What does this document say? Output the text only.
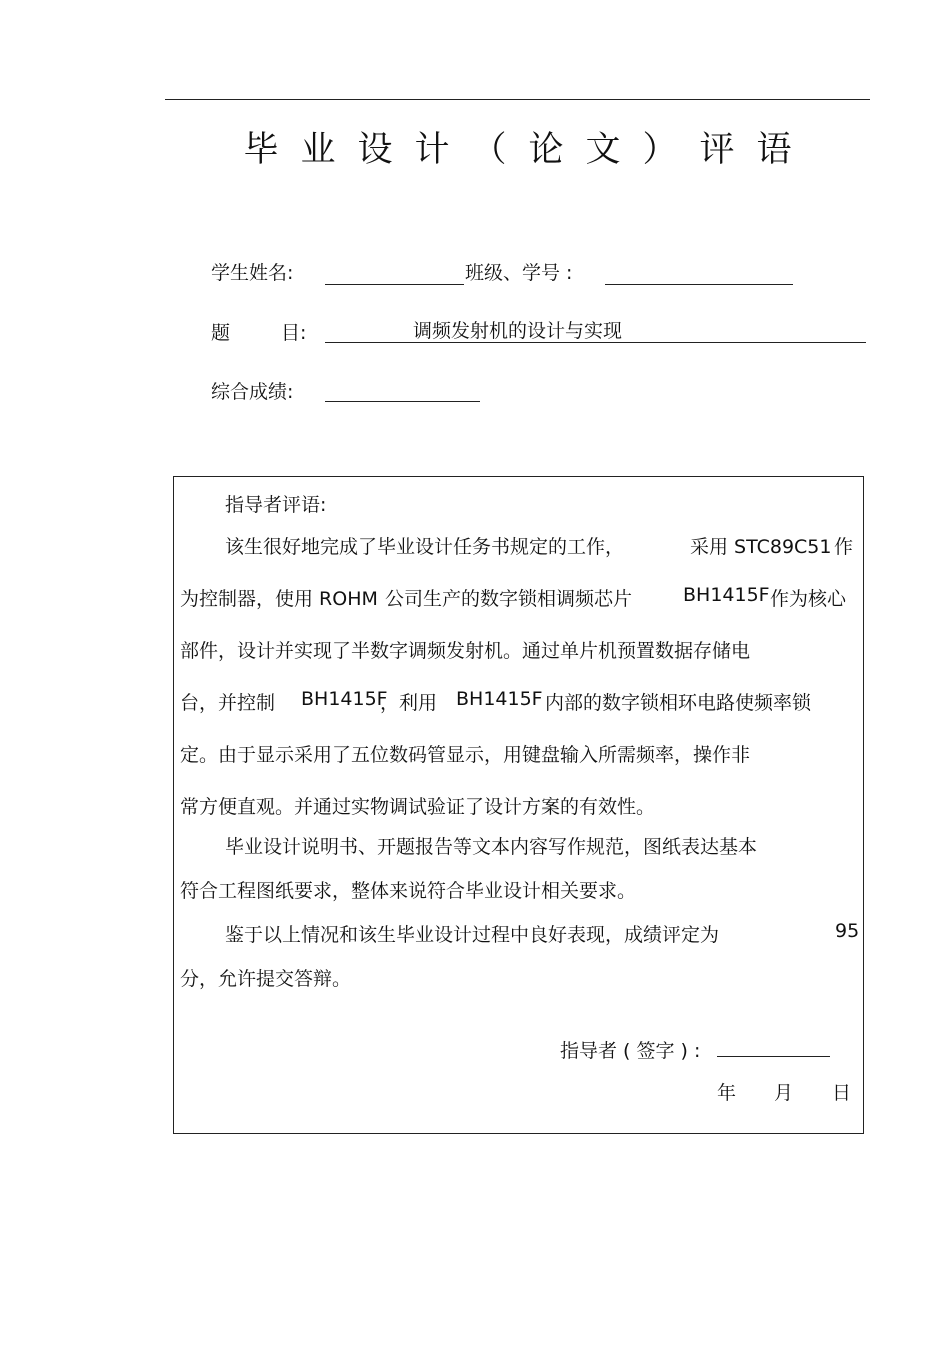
毕业设计（论文）评语
学生姓名:	班级、学号 :
题	目:	调频发射机的设计与实现
综合成绩:
指导者评语:
该生很好地完成了毕业设计任务书规定的工作，	采用 STC89C51 作
为控制器，使用 ROHM 公司生产的数字锁相调频芯片	BH1415F 作为核心
部件，设计并实现了半数字调频发射机。通过单片机预置数据存储电
台，并控制 BH1415F
，利用 BH1415F 内部的数字锁相环电路使频率锁
定。由于显示采用了五位数码管显示，用键盘输入所需频率，操作非
常方便直观。并通过实物调试验证了设计方案的有效性。
毕业设计说明书、开题报告等文本内容写作规范，图纸表达基本
符合工程图纸要求，整体来说符合毕业设计相关要求。
鉴于以上情况和该生毕业设计过程中良好表现，成绩评定为	95
分，允许提交答辩。
指导者 ( 签字 ) :
年 月 日
